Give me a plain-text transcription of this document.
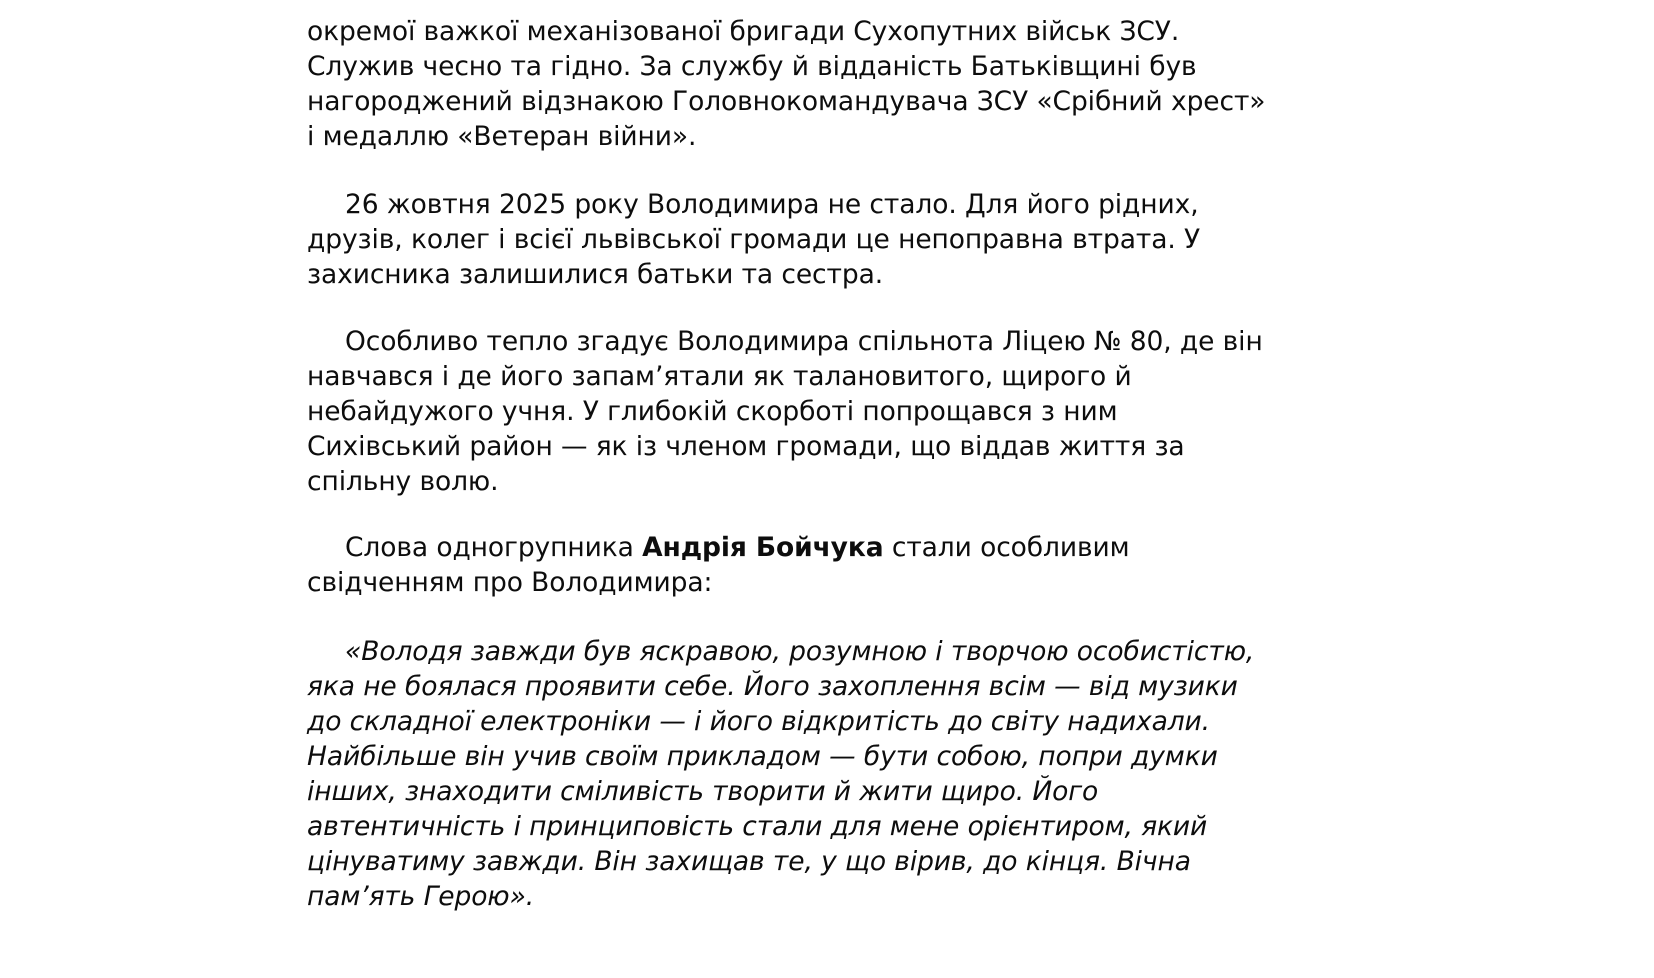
окремої важкої механізованої бригади Сухопутних військ ЗСУ. Служив чесно та гідно. За службу й відданість Батьківщині був нагороджений відзнакою Головнокомандувача ЗСУ «Срібний хрест» і медаллю «Ветеран війни».

26 жовтня 2025 року Володимира не стало. Для його рідних, друзів, колег і всієї львівської громади це непоправна втрата. У захисника залишилися батьки та сестра.

Особливо тепло згадує Володимира спільнота Ліцею № 80, де він навчався і де його запам’ятали як талановитого, щирого й небайдужого учня. У глибокій скорботі попрощався з ним Сихівський район — як із членом громади, що віддав життя за спільну волю.

Слова одногрупника Андрія Бойчука стали особливим свідченням про Володимира:

«Володя завжди був яскравою, розумною і творчою особистістю, яка не боялася проявити себе. Його захоплення всім — від музики до складної електроніки — і його відкритість до світу надихали. Найбільше він учив своїм прикладом — бути собою, попри думки інших, знаходити сміливість творити й жити щиро. Його автентичність і принциповість стали для мене орієнтиром, який цінуватиму завжди. Він захищав те, у що вірив, до кінця. Вічна пам’ять Герою».
